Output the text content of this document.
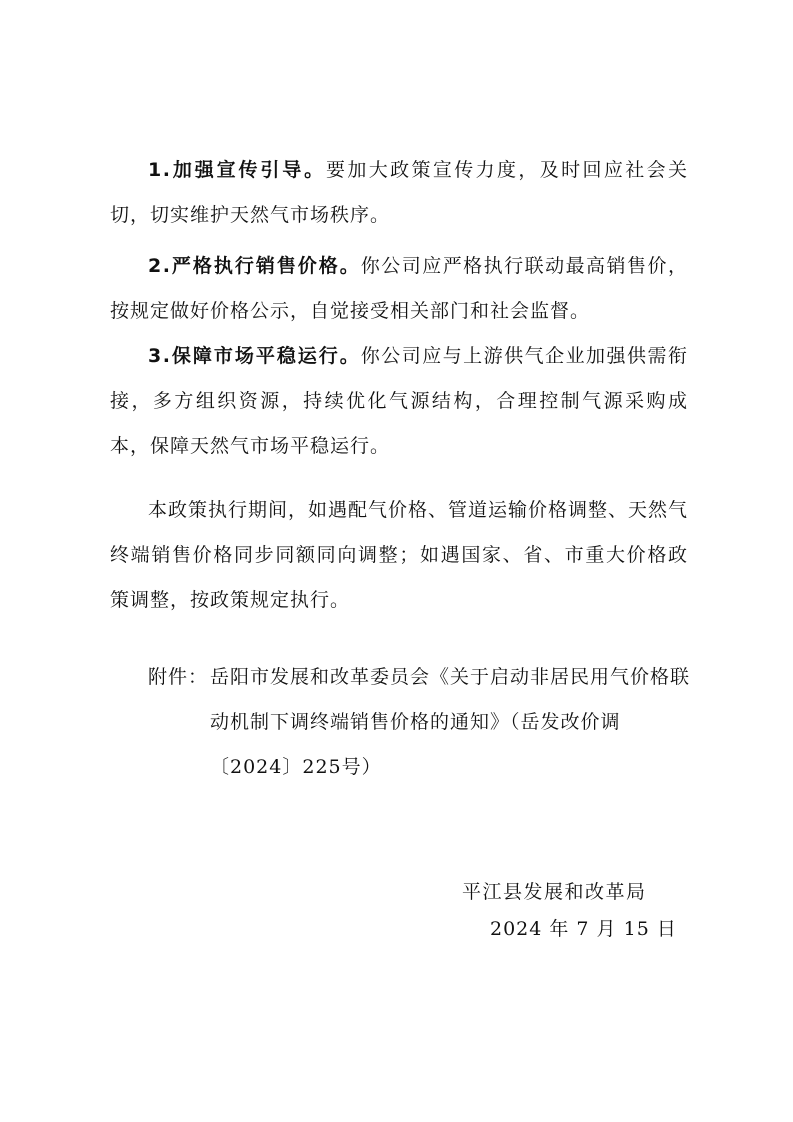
1.加强宣传引导。要加大政策宣传力度，及时回应社会关切，切实维护天然气市场秩序。

2.严格执行销售价格。你公司应严格执行联动最高销售价，按规定做好价格公示，自觉接受相关部门和社会监督。

3.保障市场平稳运行。你公司应与上游供气企业加强供需衔接，多方组织资源，持续优化气源结构，合理控制气源采购成本，保障天然气市场平稳运行。

本政策执行期间，如遇配气价格、管道运输价格调整、天然气终端销售价格同步同额同向调整；如遇国家、省、市重大价格政策调整，按政策规定执行。

附件： 岳阳市发展和改革委员会《关于启动非居民用气价格联动机制下调终端销售价格的通知》（岳发改价调〔2024〕225号）
平江县发展和改革局
2024 年 7 月 15 日
